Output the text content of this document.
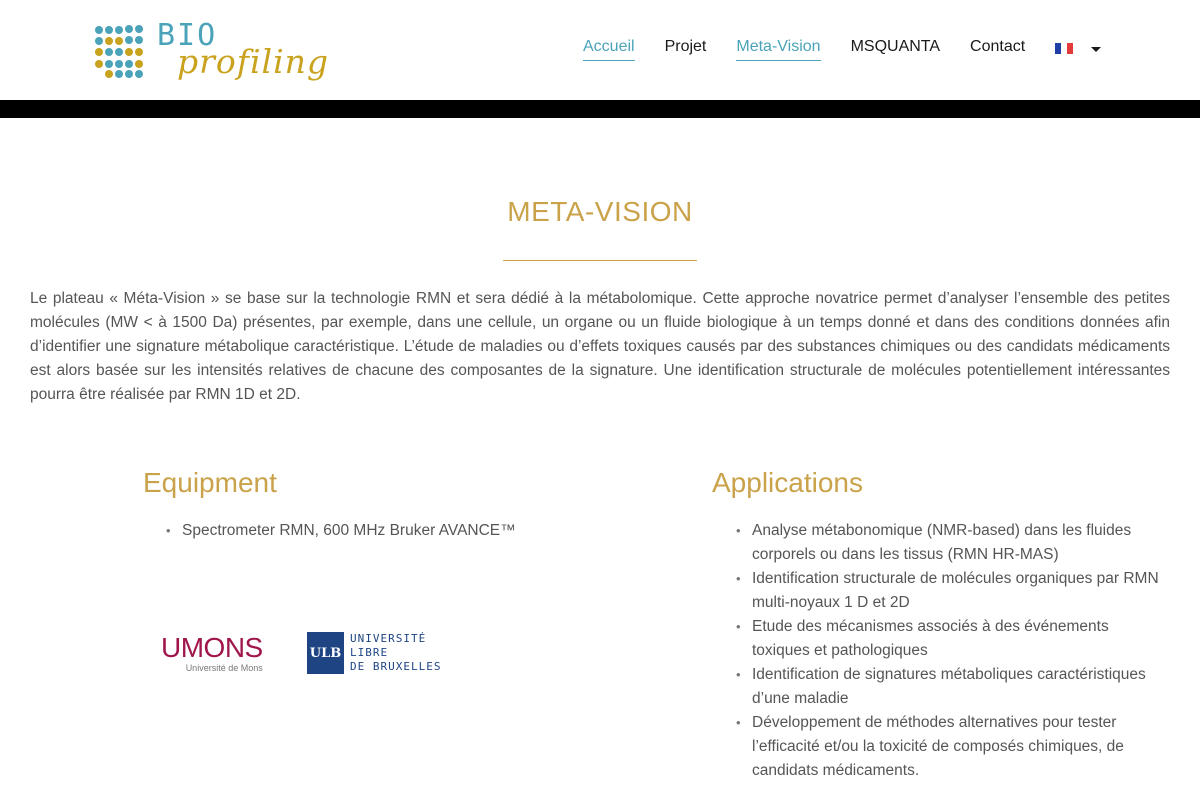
BIO
profiling	Accueil Projet Meta-Vision MSQUANTA Contact
META-VISION
Le plateau « Méta-Vision » se base sur la technologie RMN et sera dédié à la métabolomique. Cette approche novatrice permet d’analyser l’ensemble des petites molécules (MW < à 1500 Da) présentes, par exemple, dans une cellule, un organe ou un fluide biologique à un temps donné et dans des conditions données afin d’identifier une signature métabolique caractéristique. L’étude de maladies ou d’effets toxiques causés par des substances chimiques ou des candidats médicaments est alors basée sur les intensités relatives de chacune des composantes de la signature. Une identification structurale de molécules potentiellement intéressantes pourra être réalisée par RMN 1D et 2D.
Equipment
• Spectrometer RMN, 600 MHz Bruker AVANCE™
Applications
• Analyse métabonomique (NMR-based) dans les fluides corporels ou dans les tissus (RMN HR-MAS)
• Identification structurale de molécules organiques par RMN multi-noyaux 1 D et 2D
• Etude des mécanismes associés à des événements toxiques et pathologiques
• Identification de signatures métaboliques caractéristiques d’une maladie
• Développement de méthodes alternatives pour tester l’efficacité et/ou la toxicité de composés chimiques, de candidats médicaments.
UMONS
Université de Mons
ULB
UNIVERSITÉ
LIBRE
DE BRUXELLES
